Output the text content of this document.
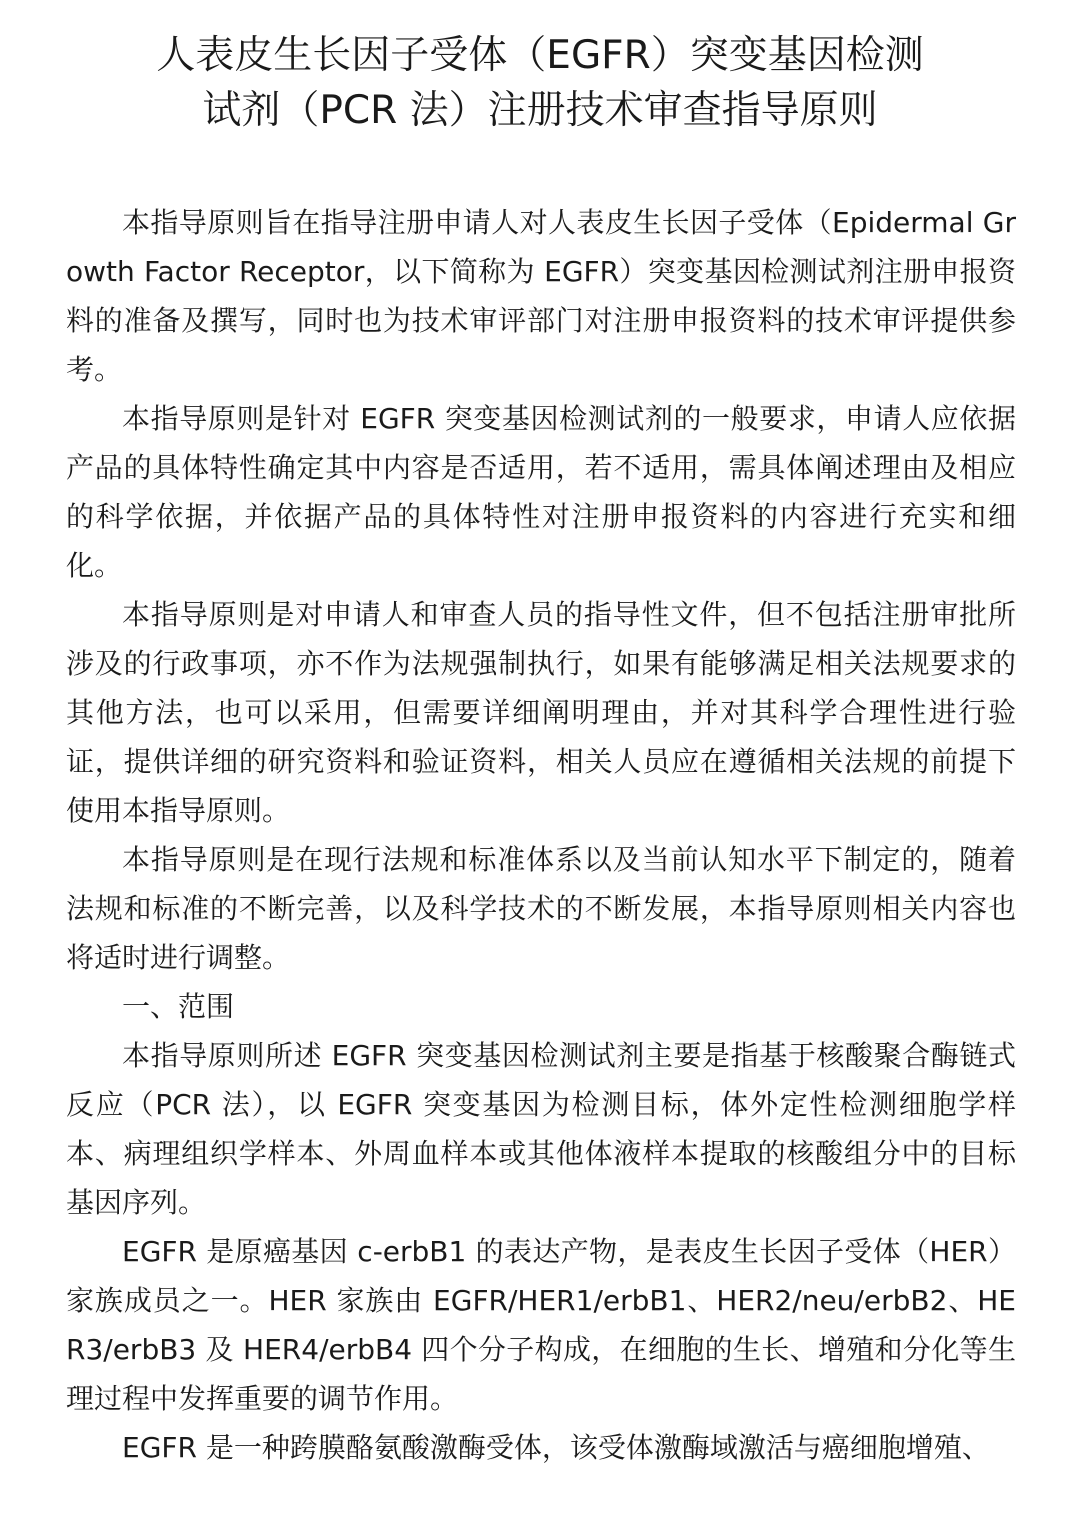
人表皮生长因子受体（EGFR）突变基因检测
试剂（PCR 法）注册技术审查指导原则

本指导原则旨在指导注册申请人对人表皮生长因子受体（Epidermal Growth Factor Receptor，以下简称为 EGFR）突变基因检测试剂注册申报资料的准备及撰写，同时也为技术审评部门对注册申报资料的技术审评提供参考。

本指导原则是针对 EGFR 突变基因检测试剂的一般要求，申请人应依据产品的具体特性确定其中内容是否适用，若不适用，需具体阐述理由及相应的科学依据，并依据产品的具体特性对注册申报资料的内容进行充实和细化。

本指导原则是对申请人和审查人员的指导性文件，但不包括注册审批所涉及的行政事项，亦不作为法规强制执行，如果有能够满足相关法规要求的其他方法，也可以采用，但需要详细阐明理由，并对其科学合理性进行验证，提供详细的研究资料和验证资料，相关人员应在遵循相关法规的前提下使用本指导原则。

本指导原则是在现行法规和标准体系以及当前认知水平下制定的，随着法规和标准的不断完善，以及科学技术的不断发展，本指导原则相关内容也将适时进行调整。

一、范围

本指导原则所述 EGFR 突变基因检测试剂主要是指基于核酸聚合酶链式反应（PCR 法），以 EGFR 突变基因为检测目标，体外定性检测细胞学样本、病理组织学样本、外周血样本或其他体液样本提取的核酸组分中的目标基因序列。

EGFR 是原癌基因 c-erbB1 的表达产物，是表皮生长因子受体（HER）家族成员之一。HER 家族由 EGFR/HER1/erbB1、HER2/neu/erbB2、HER3/erbB3 及 HER4/erbB4 四个分子构成，在细胞的生长、增殖和分化等生理过程中发挥重要的调节作用。

EGFR 是一种跨膜酪氨酸激酶受体，该受体激酶域激活与癌细胞增殖、
